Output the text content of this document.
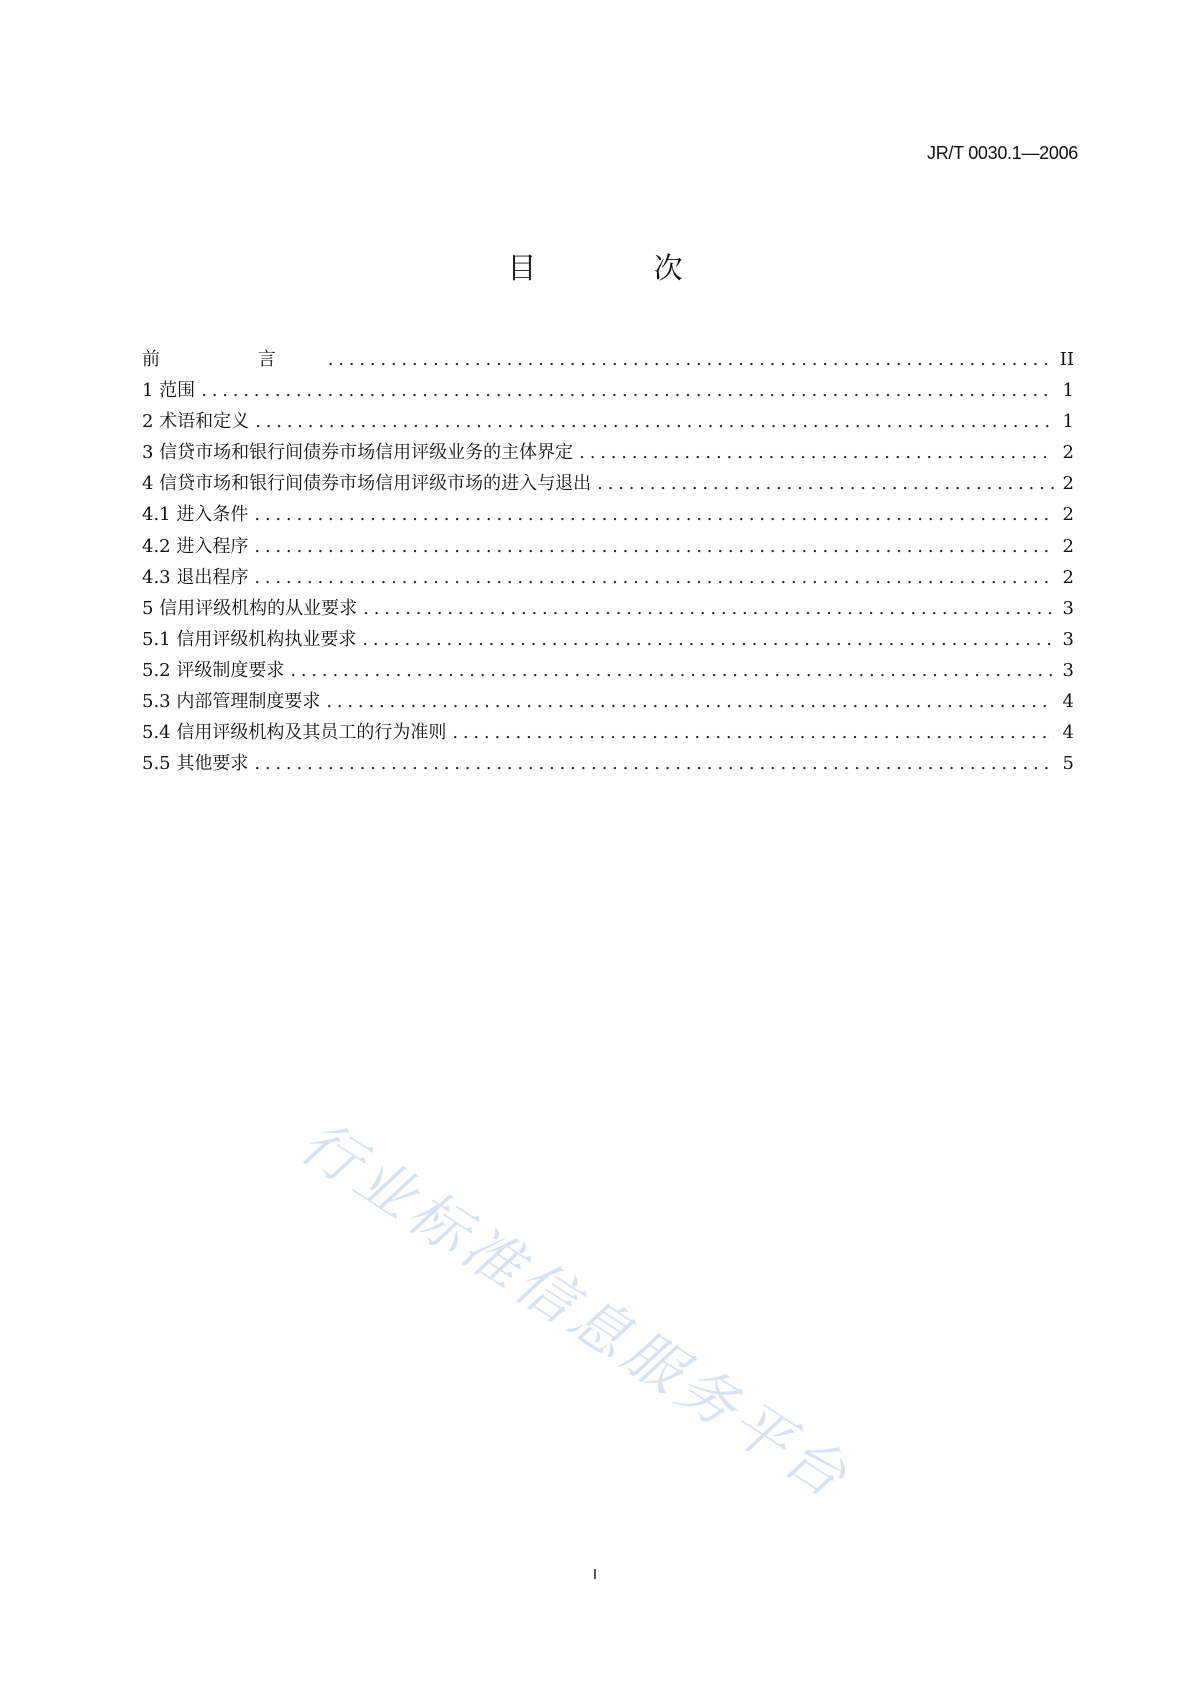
JR/T 0030.1—2006
目 次
前 言 .....	II
1 范围 .....	1
2 术语和定义 .....	1
3 信贷市场和银行间债券市场信用评级业务的主体界定 .....	2
4 信贷市场和银行间债券市场信用评级市场的进入与退出 .....	2
4.1 进入条件 .....	2
4.2 进入程序 .....	2
4.3 退出程序 .....	2
5 信用评级机构的从业要求 .....	3
5.1 信用评级机构执业要求 .....	3
5.2 评级制度要求 .....	3
5.3 内部管理制度要求 .....	4
5.4 信用评级机构及其员工的行为准则 .....	4
5.5 其他要求 .....	5
行业标准信息服务平台
I
